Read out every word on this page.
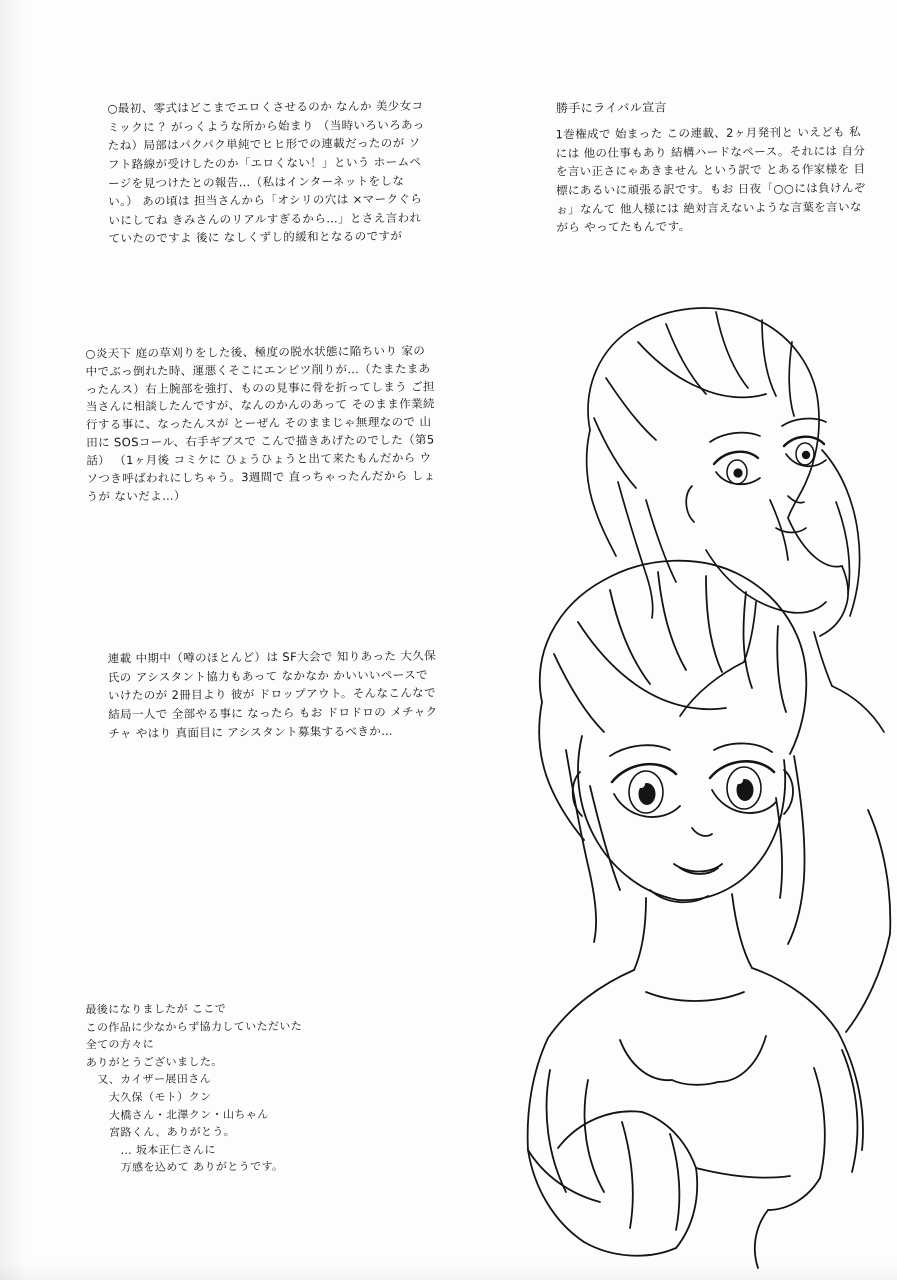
○最初、零式はどこまでエロくさせるのか なんか 美少女コミックに ？がっくような所から始まり （当時いろいろあったね）局部はパクパク単純でヒヒ形での連載だったのが ソフト路線が受けしたのか「エロくない！」という ホームページを見つけたとの報告…（私はインターネットをしない。） あの頃は 担当さんから「オシリの穴は ×マークぐらいにしてね きみさんのリアルすぎるから…」とさえ言われていたのですよ 後に なしくずし的緩和となるのですが
○炎天下 庭の草刈りをした後、極度の脱水状態に陥ちいり 家の中でぶっ倒れた時、運悪くそこにエンピツ削りが…（たまたまあったんス）右上腕部を強打、ものの見事に骨を折ってしまう ご担当さんに相談したんですが、なんのかんのあって そのまま作業続行する事に、なったんスが とーぜん そのままじゃ無理なので 山田に SOSコール、右手ギブスで こんで描きあげたのでした（第5話） （1ヶ月後 コミケに ひょうひょうと出て来たもんだから ウソつき呼ばわれにしちゃう。3週間で 直っちゃったんだから しょうが ないだよ…）
連載 中期中（噂のほとんど）は SF大会で 知りあった 大久保氏の アシスタント協力もあって なかなか かいいいペースで いけたのが 2冊目より 彼が ドロップアウト。そんなこんなで 結局一人で 全部やる事に なったら もお ドロドロの メチャクチャ やはり 真面目に アシスタント募集するべきか…
最後になりましたが ここで
この作品に少なからず協力していただいた
全ての方々に
ありがとうございました。
　又、カイザー展田さん
　　大久保（モト）クン
　　大橋さん・北澤クン・山ちゃん
　　宮路くん、ありがとう。
　　　… 坂本正仁さんに
　　　万感を込めて ありがとうです。
勝手にライバル宣言
1巻権成で 始まった この連載、2ヶ月発刊と いえども 私には 他の仕事もあり 結構ハードなペース。それには 自分を言い正さにゃあきません という訳で とある作家様を 目標にあるいに頑張る訳です。もお 日夜「○○には負けんぞぉ」なんて 他人様には 絶対言えないような言葉を言いながら やってたもんです。
